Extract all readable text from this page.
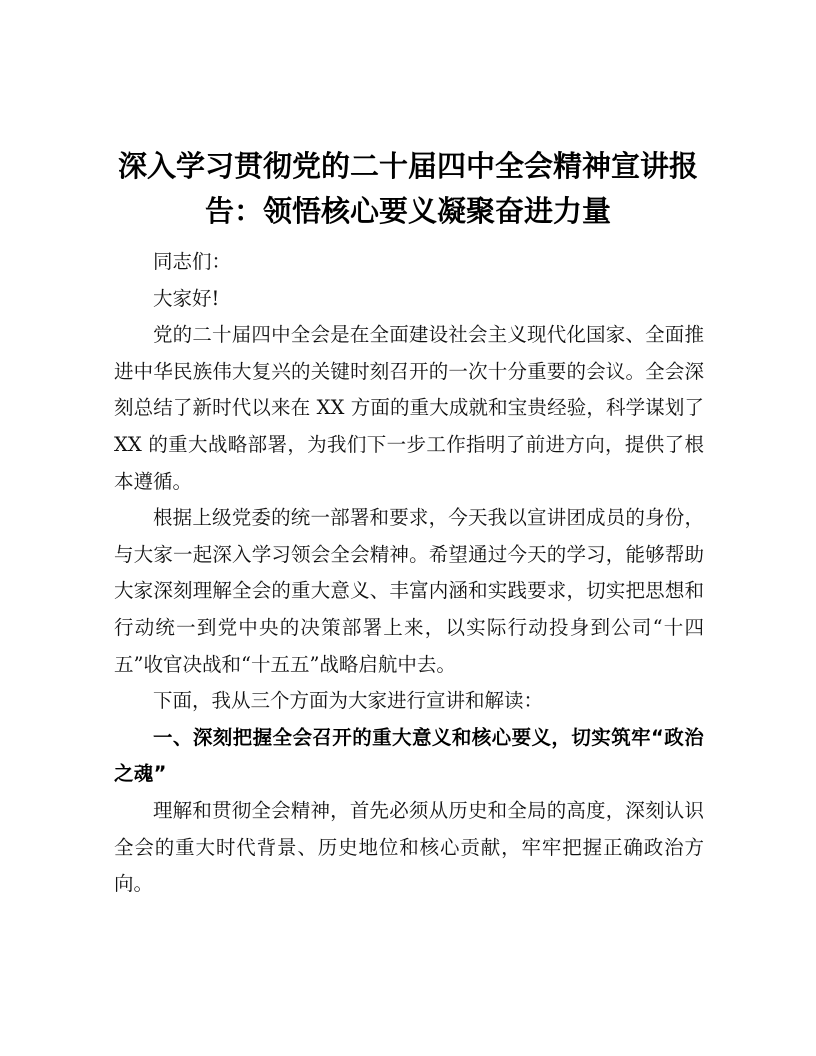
深入学习贯彻党的二十届四中全会精神宣讲报告：领悟核心要义凝聚奋进力量

同志们：

大家好!

党的二十届四中全会是在全面建设社会主义现代化国家、全面推进中华民族伟大复兴的关键时刻召开的一次十分重要的会议。全会深刻总结了新时代以来在 XX 方面的重大成就和宝贵经验，科学谋划了 XX 的重大战略部署，为我们下一步工作指明了前进方向，提供了根本遵循。

根据上级党委的统一部署和要求，今天我以宣讲团成员的身份，与大家一起深入学习领会全会精神。希望通过今天的学习，能够帮助大家深刻理解全会的重大意义、丰富内涵和实践要求，切实把思想和行动统一到党中央的决策部署上来，以实际行动投身到公司“十四五”收官决战和“十五五”战略启航中去。

下面，我从三个方面为大家进行宣讲和解读：

一、深刻把握全会召开的重大意义和核心要义，切实筑牢“政治之魂”

理解和贯彻全会精神，首先必须从历史和全局的高度，深刻认识全会的重大时代背景、历史地位和核心贡献，牢牢把握正确政治方向。
